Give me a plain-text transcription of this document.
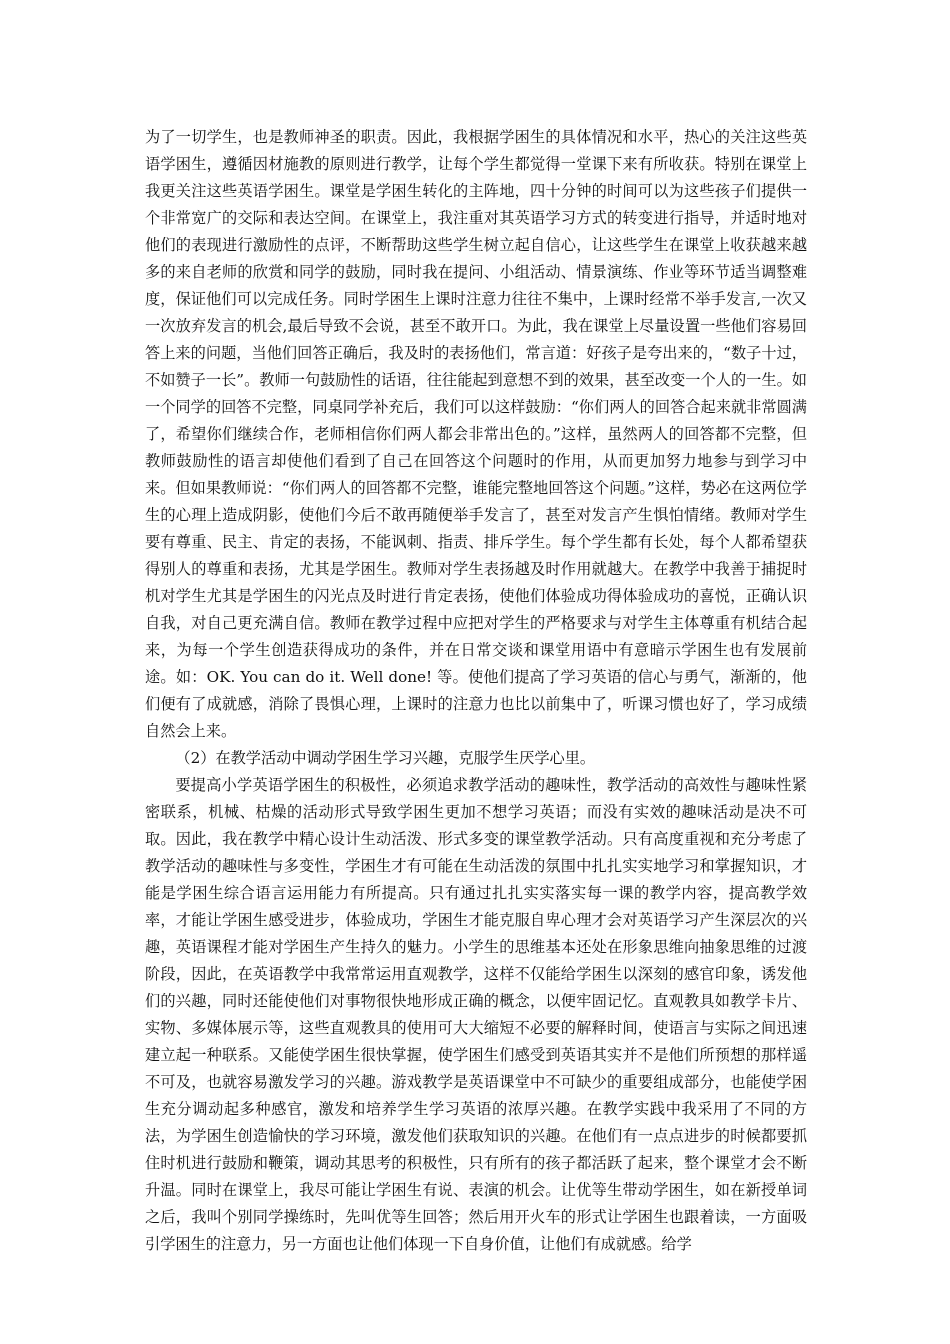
为了一切学生，也是教师神圣的职责。因此，我根据学困生的具体情况和水平，热心的关注这些英语学困生，遵循因材施教的原则进行教学，让每个学生都觉得一堂课下来有所收获。特别在课堂上我更关注这些英语学困生。课堂是学困生转化的主阵地，四十分钟的时间可以为这些孩子们提供一个非常宽广的交际和表达空间。在课堂上，我注重对其英语学习方式的转变进行指导，并适时地对他们的表现进行激励性的点评，不断帮助这些学生树立起自信心，让这些学生在课堂上收获越来越多的来自老师的欣赏和同学的鼓励，同时我在提问、小组活动、情景演练、作业等环节适当调整难度，保证他们可以完成任务。同时学困生上课时注意力往往不集中，上课时经常不举手发言,一次又一次放弃发言的机会,最后导致不会说，甚至不敢开口。为此，我在课堂上尽量设置一些他们容易回答上来的问题，当他们回答正确后，我及时的表扬他们，常言道：好孩子是夸出来的，“数子十过，不如赞子一长”。教师一句鼓励性的话语，往往能起到意想不到的效果，甚至改变一个人的一生。如一个同学的回答不完整，同桌同学补充后，我们可以这样鼓励：“你们两人的回答合起来就非常圆满了，希望你们继续合作，老师相信你们两人都会非常出色的。”这样，虽然两人的回答都不完整，但教师鼓励性的语言却使他们看到了自己在回答这个问题时的作用，从而更加努力地参与到学习中来。但如果教师说：“你们两人的回答都不完整，谁能完整地回答这个问题。”这样，势必在这两位学生的心理上造成阴影，使他们今后不敢再随便举手发言了，甚至对发言产生惧怕情绪。教师对学生要有尊重、民主、肯定的表扬，不能讽刺、指责、排斥学生。每个学生都有长处，每个人都希望获得别人的尊重和表扬，尤其是学困生。教师对学生表扬越及时作用就越大。在教学中我善于捕捉时机对学生尤其是学困生的闪光点及时进行肯定表扬，使他们体验成功得体验成功的喜悦，正确认识自我，对自己更充满自信。教师在教学过程中应把对学生的严格要求与对学生主体尊重有机结合起来，为每一个学生创造获得成功的条件，并在日常交谈和课堂用语中有意暗示学困生也有发展前途。如：OK. You can do it. Well done! 等。使他们提高了学习英语的信心与勇气，渐渐的，他们便有了成就感，消除了畏惧心理，上课时的注意力也比以前集中了，听课习惯也好了，学习成绩自然会上来。

（2）在教学活动中调动学困生学习兴趣，克服学生厌学心里。

要提高小学英语学困生的积极性，必须追求教学活动的趣味性，教学活动的高效性与趣味性紧密联系，机械、枯燥的活动形式导致学困生更加不想学习英语；而没有实效的趣味活动是决不可取。因此，我在教学中精心设计生动活泼、形式多变的课堂教学活动。只有高度重视和充分考虑了教学活动的趣味性与多变性，学困生才有可能在生动活泼的氛围中扎扎实实地学习和掌握知识，才能是学困生综合语言运用能力有所提高。只有通过扎扎实实落实每一课的教学内容，提高教学效率，才能让学困生感受进步，体验成功，学困生才能克服自卑心理才会对英语学习产生深层次的兴趣，英语课程才能对学困生产生持久的魅力。小学生的思维基本还处在形象思维向抽象思维的过渡阶段，因此，在英语教学中我常常运用直观教学，这样不仅能给学困生以深刻的感官印象，诱发他们的兴趣，同时还能使他们对事物很快地形成正确的概念，以便牢固记忆。直观教具如教学卡片、实物、多媒体展示等，这些直观教具的使用可大大缩短不必要的解释时间，使语言与实际之间迅速建立起一种联系。又能使学困生很快掌握，使学困生们感受到英语其实并不是他们所预想的那样遥不可及，也就容易激发学习的兴趣。游戏教学是英语课堂中不可缺少的重要组成部分，也能使学困生充分调动起多种感官，激发和培养学生学习英语的浓厚兴趣。在教学实践中我采用了不同的方法，为学困生创造愉快的学习环境，激发他们获取知识的兴趣。在他们有一点点进步的时候都要抓住时机进行鼓励和鞭策，调动其思考的积极性，只有所有的孩子都活跃了起来，整个课堂才会不断升温。同时在课堂上，我尽可能让学困生有说、表演的机会。让优等生带动学困生，如在新授单词之后，我叫个别同学操练时，先叫优等生回答；然后用开火车的形式让学困生也跟着读，一方面吸引学困生的注意力，另一方面也让他们体现一下自身价值，让他们有成就感。给学
